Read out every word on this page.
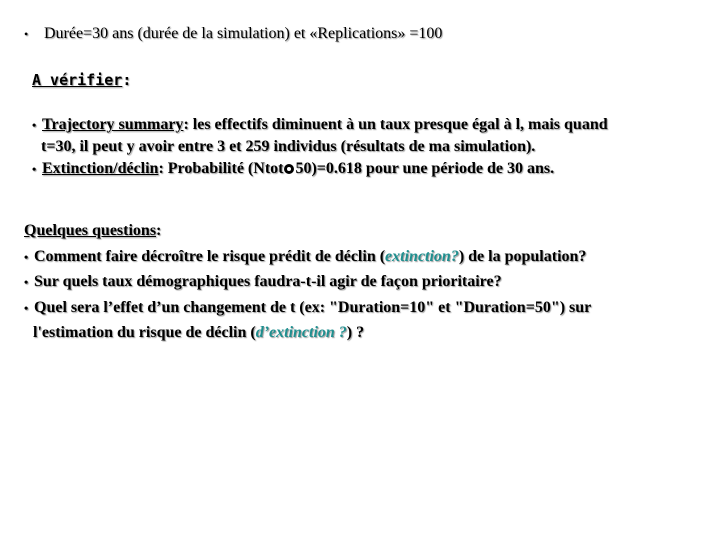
• Durée=30 ans (durée de la simulation) et «Replications» =100
A vérifier:
• Trajectory summary: les effectifs diminuent à un taux presque égal à l, mais quand
t=30, il peut y avoir entre 3 et 259 individus (résultats de ma simulation).
• Extinction/déclin: Probabilité (Ntot 50)=0.618 pour une période de 30 ans.
Quelques questions:
• Comment faire décroître le risque prédit de déclin (extinction?) de la population?
• Sur quels taux démographiques faudra-t-il agir de façon prioritaire?
• Quel sera l’effet d’un changement de t (ex: "Duration=10" et "Duration=50") sur
l'estimation du risque de déclin (d’extinction ?) ?
